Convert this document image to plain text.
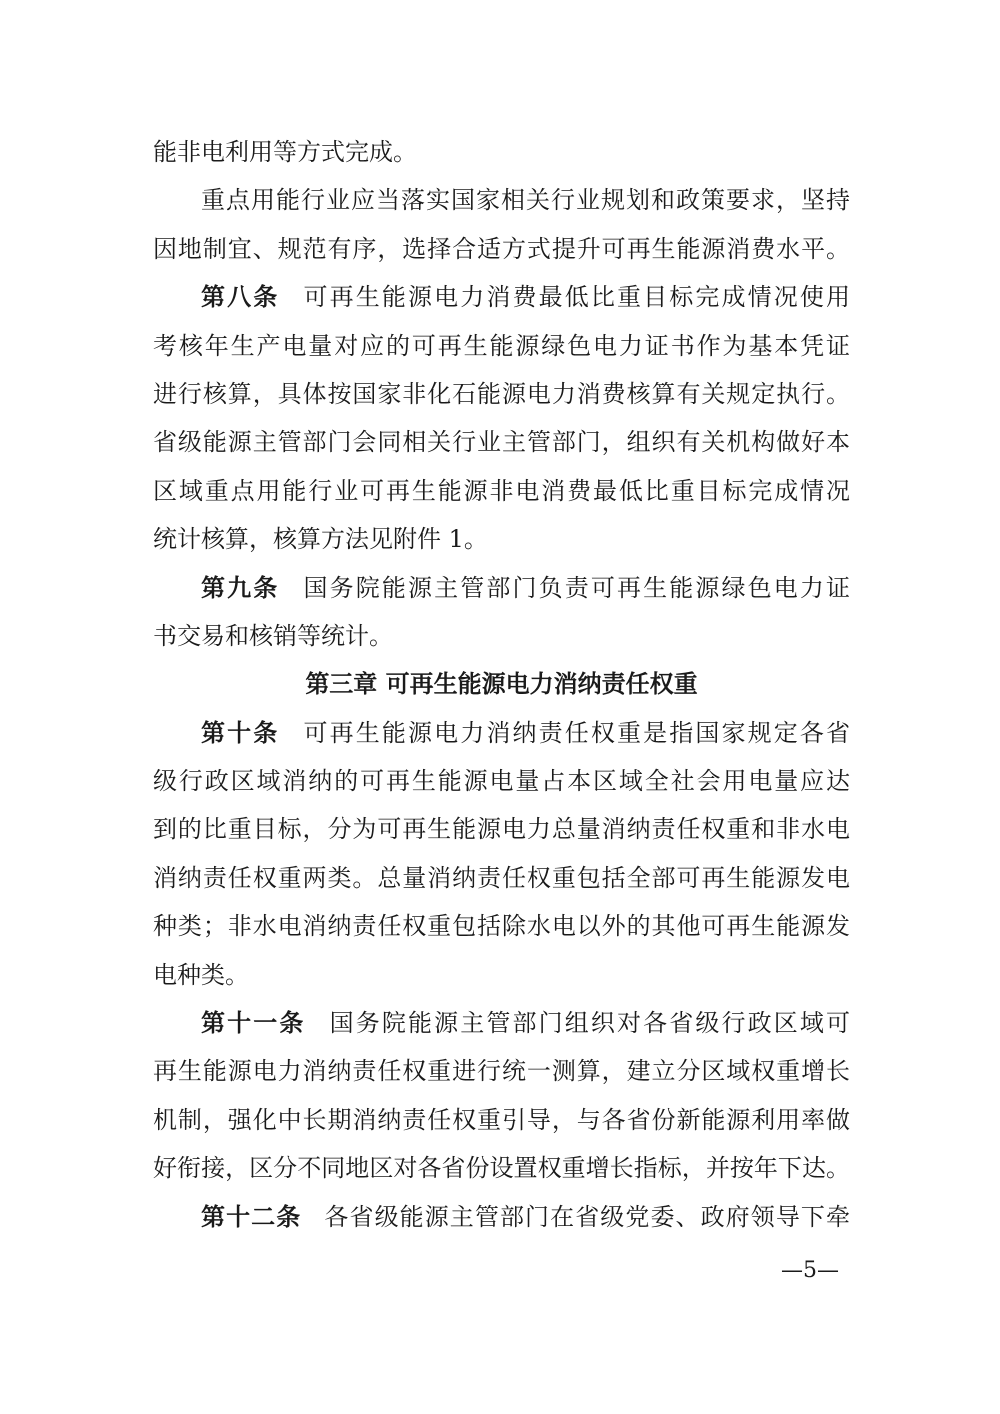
能非电利用等方式完成。
重点用能行业应当落实国家相关行业规划和政策要求，坚持
因地制宜、规范有序，选择合适方式提升可再生能源消费水平。
第八条 可再生能源电力消费最低比重目标完成情况使用
考核年生产电量对应的可再生能源绿色电力证书作为基本凭证
进行核算，具体按国家非化石能源电力消费核算有关规定执行。
省级能源主管部门会同相关行业主管部门，组织有关机构做好本
区域重点用能行业可再生能源非电消费最低比重目标完成情况
统计核算，核算方法见附件 1。
第九条 国务院能源主管部门负责可再生能源绿色电力证
书交易和核销等统计。
第三章 可再生能源电力消纳责任权重
第十条 可再生能源电力消纳责任权重是指国家规定各省
级行政区域消纳的可再生能源电量占本区域全社会用电量应达
到的比重目标，分为可再生能源电力总量消纳责任权重和非水电
消纳责任权重两类。总量消纳责任权重包括全部可再生能源发电
种类；非水电消纳责任权重包括除水电以外的其他可再生能源发
电种类。
第十一条 国务院能源主管部门组织对各省级行政区域可
再生能源电力消纳责任权重进行统一测算，建立分区域权重增长
机制，强化中长期消纳责任权重引导，与各省份新能源利用率做
好衔接，区分不同地区对各省份设置权重增长指标，并按年下达。
第十二条 各省级能源主管部门在省级党委、政府领导下牵
—5—
